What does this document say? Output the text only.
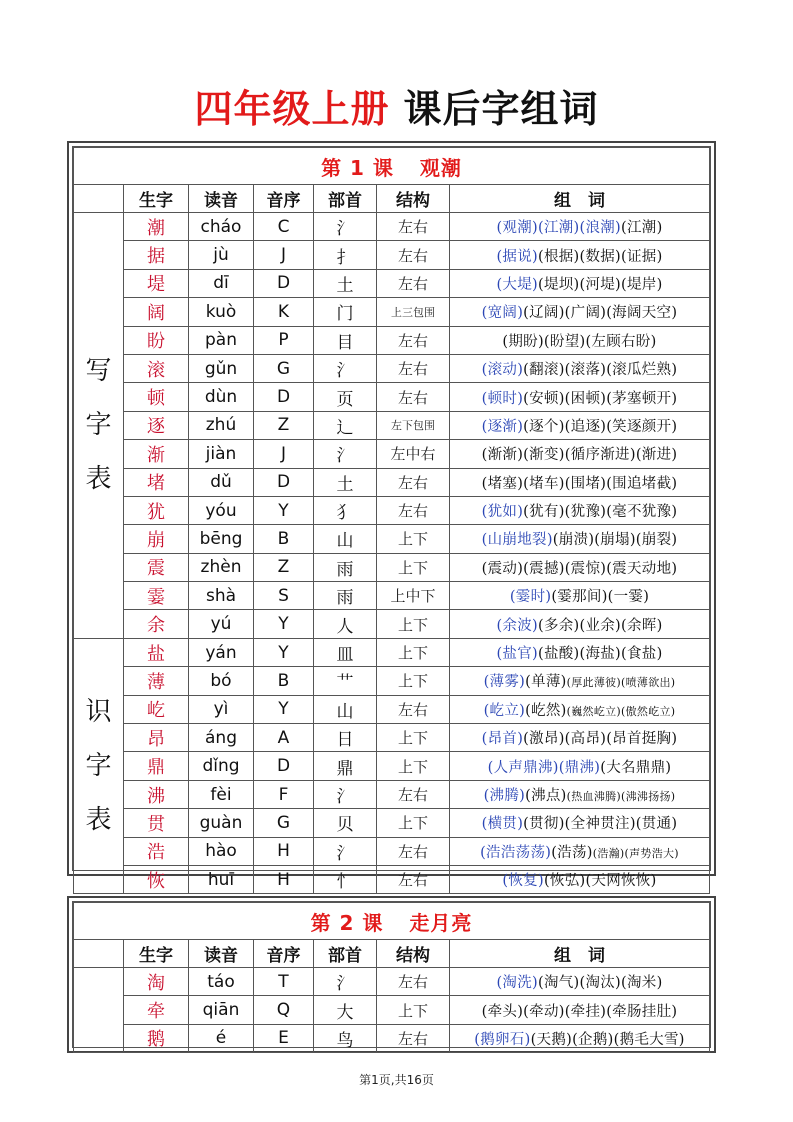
四年级上册 课后字组词
第 1 课 观潮						
	生字	读音	音序	部首	结构	组　词
写字表	潮	cháo	C	氵	左右	(观潮)(江潮)(浪潮)(江潮)
	据	jù	J	扌	左右	(据说)(根据)(数据)(证据)
	堤	dī	D	土	左右	(大堤)(堤坝)(河堤)(堤岸)
	阔	kuò	K	门	上三包围	(宽阔)(辽阔)(广阔)(海阔天空)
	盼	pàn	P	目	左右	(期盼)(盼望)(左顾右盼)
	滚	gǔn	G	氵	左右	(滚动)(翻滚)(滚落)(滚瓜烂熟)
	顿	dùn	D	页	左右	(顿时)(安顿)(困顿)(茅塞顿开)
	逐	zhú	Z	辶	左下包围	(逐渐)(逐个)(追逐)(笑逐颜开)
	渐	jiàn	J	氵	左中右	(渐渐)(渐变)(循序渐进)(渐进)
	堵	dǔ	D	土	左右	(堵塞)(堵车)(围堵)(围追堵截)
	犹	yóu	Y	犭	左右	(犹如)(犹有)(犹豫)(毫不犹豫)
	崩	bēng	B	山	上下	(山崩地裂)(崩溃)(崩塌)(崩裂)
	震	zhèn	Z	雨	上下	(震动)(震撼)(震惊)(震天动地)
	霎	shà	S	雨	上中下	(霎时)(霎那间)(一霎)
	余	yú	Y	人	上下	(余波)(多余)(业余)(余晖)
识字表	盐	yán	Y	皿	上下	(盐官)(盐酸)(海盐)(食盐)
	薄	bó	B	艹	上下	(薄雾)(单薄)(厚此薄彼)(喷薄欲出)
	屹	yì	Y	山	左右	(屹立)(屹然)(巍然屹立)(傲然屹立)
	昂	áng	A	日	上下	(昂首)(激昂)(高昂)(昂首挺胸)
	鼎	dǐng	D	鼎	上下	(人声鼎沸)(鼎沸)(大名鼎鼎)
	沸	fèi	F	氵	左右	(沸腾)(沸点)(热血沸腾)(沸沸扬扬)
	贯	guàn	G	贝	上下	(横贯)(贯彻)(全神贯注)(贯通)
	浩	hào	H	氵	左右	(浩浩荡荡)(浩荡)(浩瀚)(声势浩大)
	恢	huī	H	忄	左右	(恢复)(恢弘)(天网恢恢)
第 2 课 走月亮						
	生字	读音	音序	部首	结构	组　词
	淘	táo	T	氵	左右	(淘洗)(淘气)(淘汰)(淘米)
	牵	qiān	Q	大	上下	(牵头)(牵动)(牵挂)(牵肠挂肚)
	鹅	é	E	鸟	左右	(鹅卵石)(天鹅)(企鹅)(鹅毛大雪)
第1页,共16页
